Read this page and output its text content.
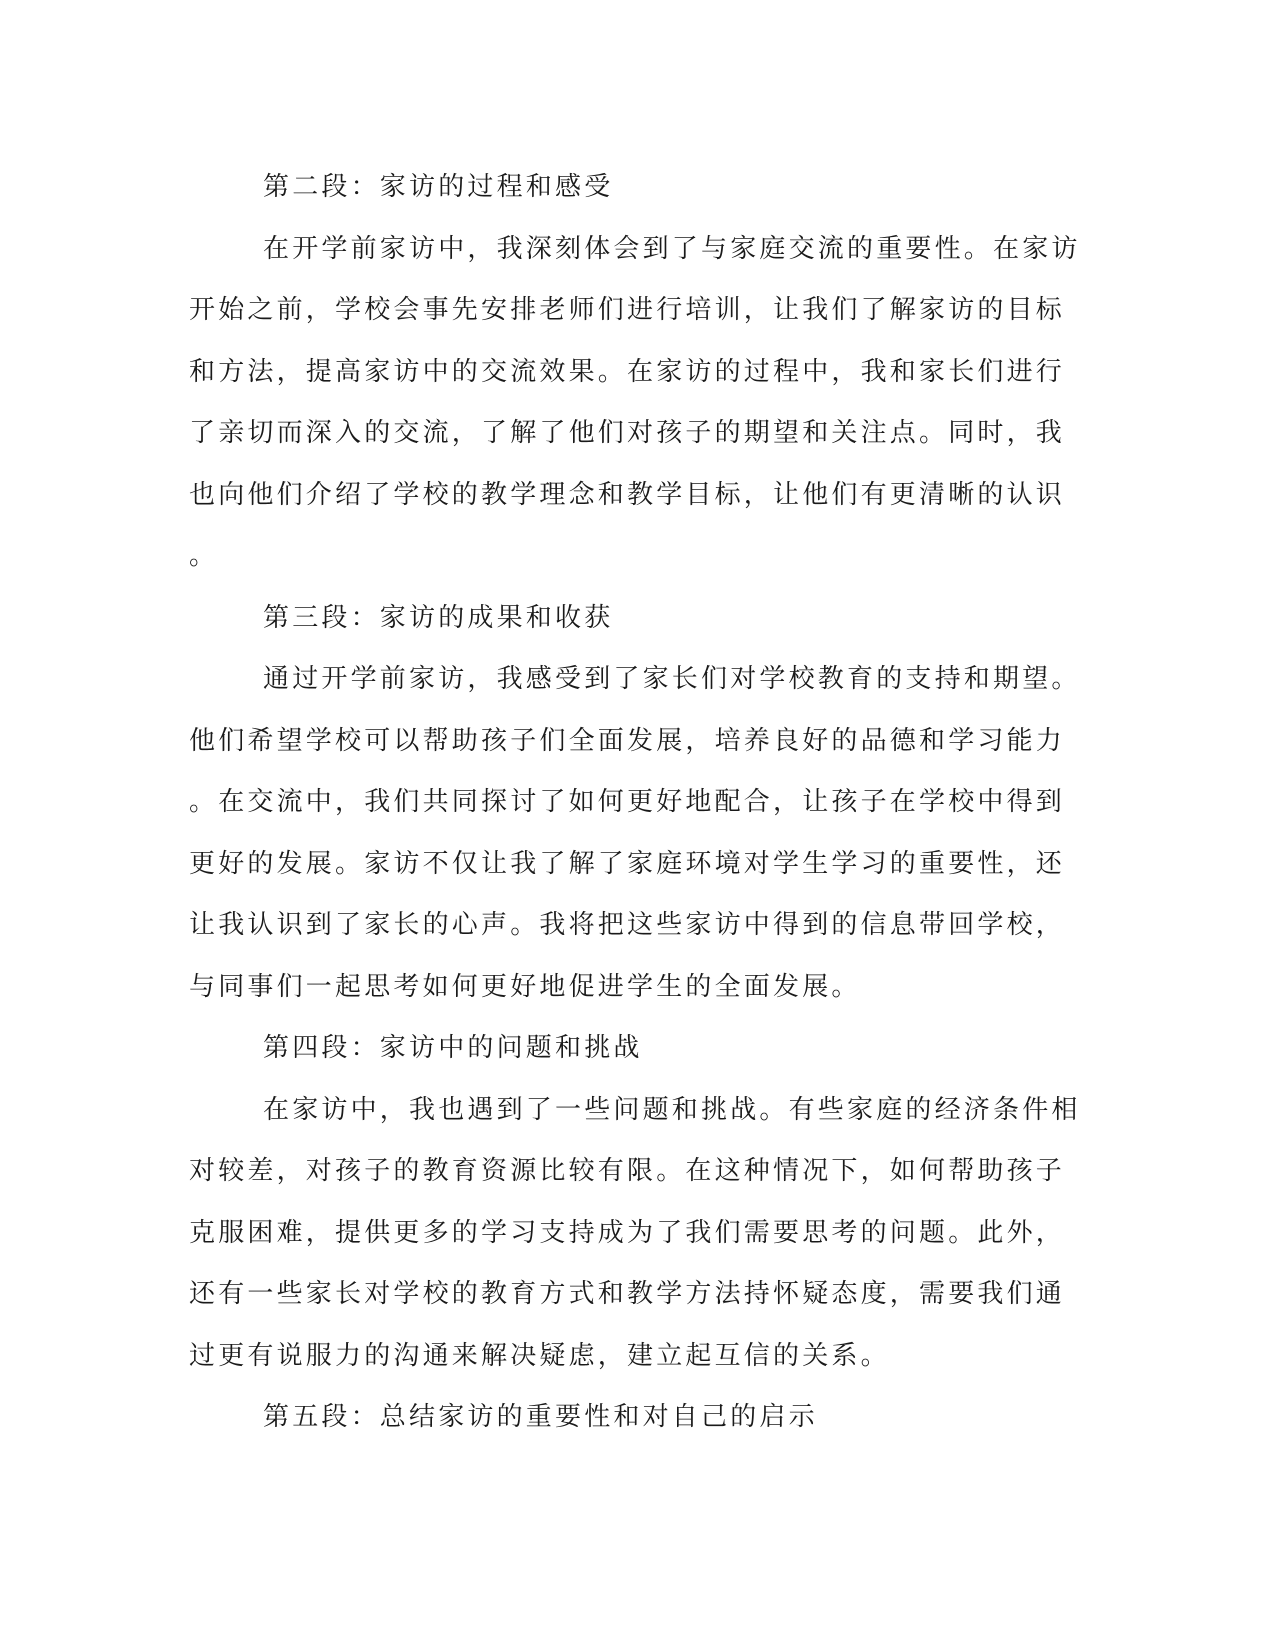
第二段：家访的过程和感受
在开学前家访中，我深刻体会到了与家庭交流的重要性。在家访
开始之前，学校会事先安排老师们进行培训，让我们了解家访的目标
和方法，提高家访中的交流效果。在家访的过程中，我和家长们进行
了亲切而深入的交流，了解了他们对孩子的期望和关注点。同时，我
也向他们介绍了学校的教学理念和教学目标，让他们有更清晰的认识
。
第三段：家访的成果和收获
通过开学前家访，我感受到了家长们对学校教育的支持和期望。
他们希望学校可以帮助孩子们全面发展，培养良好的品德和学习能力
。在交流中，我们共同探讨了如何更好地配合，让孩子在学校中得到
更好的发展。家访不仅让我了解了家庭环境对学生学习的重要性，还
让我认识到了家长的心声。我将把这些家访中得到的信息带回学校，
与同事们一起思考如何更好地促进学生的全面发展。
第四段：家访中的问题和挑战
在家访中，我也遇到了一些问题和挑战。有些家庭的经济条件相
对较差，对孩子的教育资源比较有限。在这种情况下，如何帮助孩子
克服困难，提供更多的学习支持成为了我们需要思考的问题。此外，
还有一些家长对学校的教育方式和教学方法持怀疑态度，需要我们通
过更有说服力的沟通来解决疑虑，建立起互信的关系。
第五段：总结家访的重要性和对自己的启示
